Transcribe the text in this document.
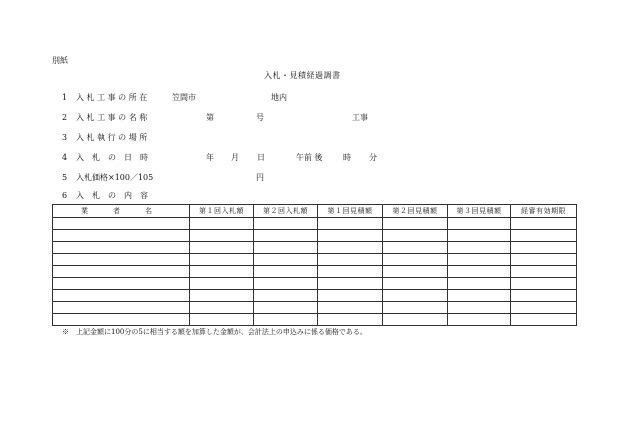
別紙
入札・見積経過調書
1 入 札 工 事 の 所 在	笠間市	地内
2 入 札 工 事 の 名 称	第	号	工事
3 入 札 執 行 の 場 所
4 入　札　の　日　時	年 月 日	午前 後	時 分
5 入札価格×100／105	円
6 入　札　の　内　容
業　者　名	第１回入札額	第２回入札額	第１回見積額	第２回見積額	第３回見積額	経審有効期限

※　上記金額に100分の5に相当する額を加算した金額が、会計法上の申込みに係る価格である。
